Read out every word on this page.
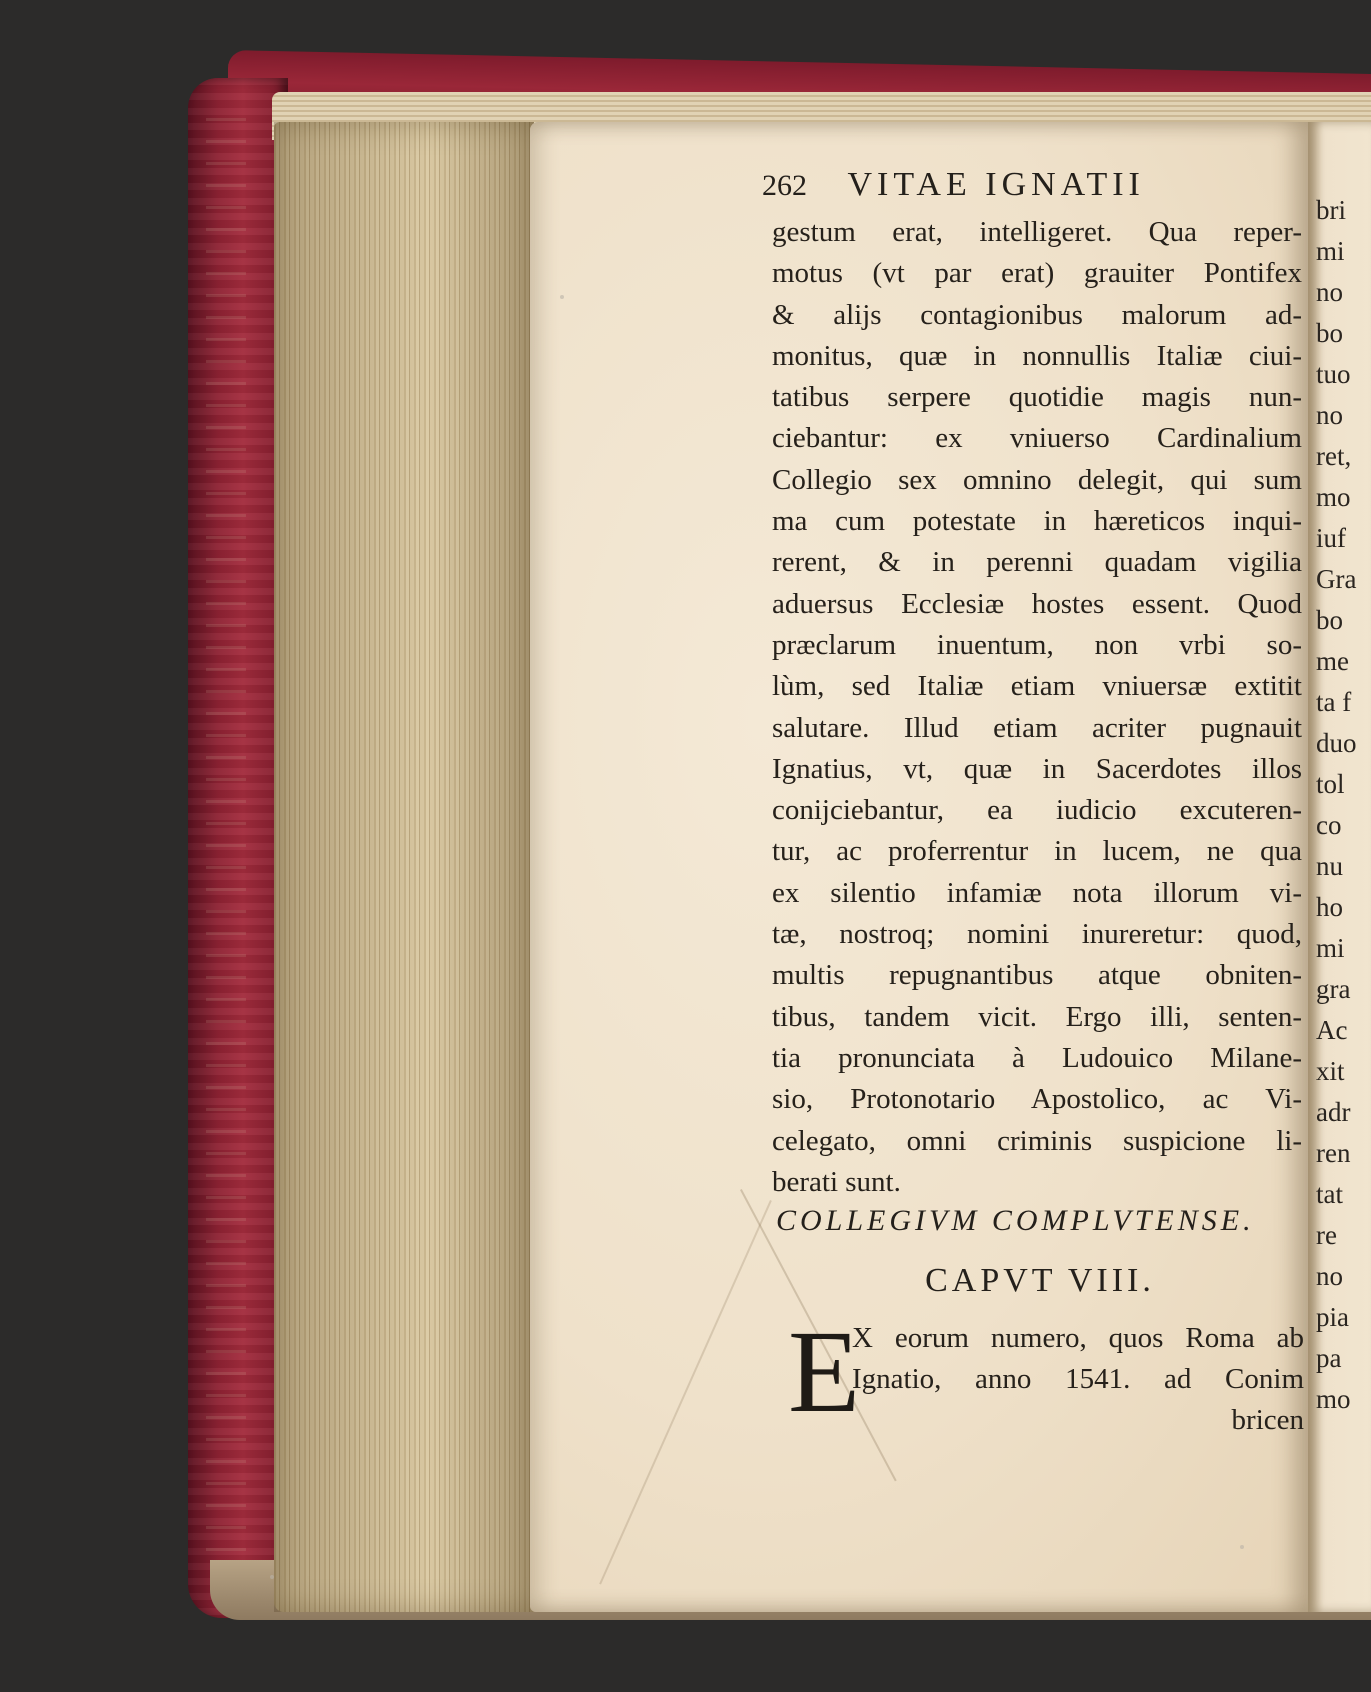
bri
mi
no
bo
tuo
no
ret,
mo
iuf
Gra
bo
me
ta f
duo
tol
co
nu
ho
mi
gra
Ac
xit
adr
ren
tat
re
no
pia
pa
mo
262 VITAE IGNATII
gestum erat, intelligeret. Qua reper-
motus (vt par erat) grauiter Pontifex
& alijs contagionibus malorum ad-
monitus, quæ in nonnullis Italiæ ciui-
tatibus serpere quotidie magis nun-
ciebantur: ex vniuerso Cardinalium
Collegio sex omnino delegit, qui sum
ma cum potestate in hæreticos inqui-
rerent, & in perenni quadam vigilia
aduersus Ecclesiæ hostes essent. Quod
præclarum inuentum, non vrbi so-
lùm, sed Italiæ etiam vniuersæ extitit
salutare. Illud etiam acriter pugnauit
Ignatius, vt, quæ in Sacerdotes illos
conijciebantur, ea iudicio excuteren-
tur, ac proferrentur in lucem, ne qua
ex silentio infamiæ nota illorum vi-
tæ, nostroq; nomini inureretur: quod,
multis repugnantibus atque obniten-
tibus, tandem vicit. Ergo illi, senten-
tia pronunciata à Ludouico Milane-
sio, Protonotario Apostolico, ac Vi-
celegato, omni criminis suspicione li-
berati sunt.
COLLEGIVM COMPLVTENSE.
CAPVT VIII.
E
X eorum numero, quos Roma ab
Ignatio, anno 1541. ad Conim
bricen
